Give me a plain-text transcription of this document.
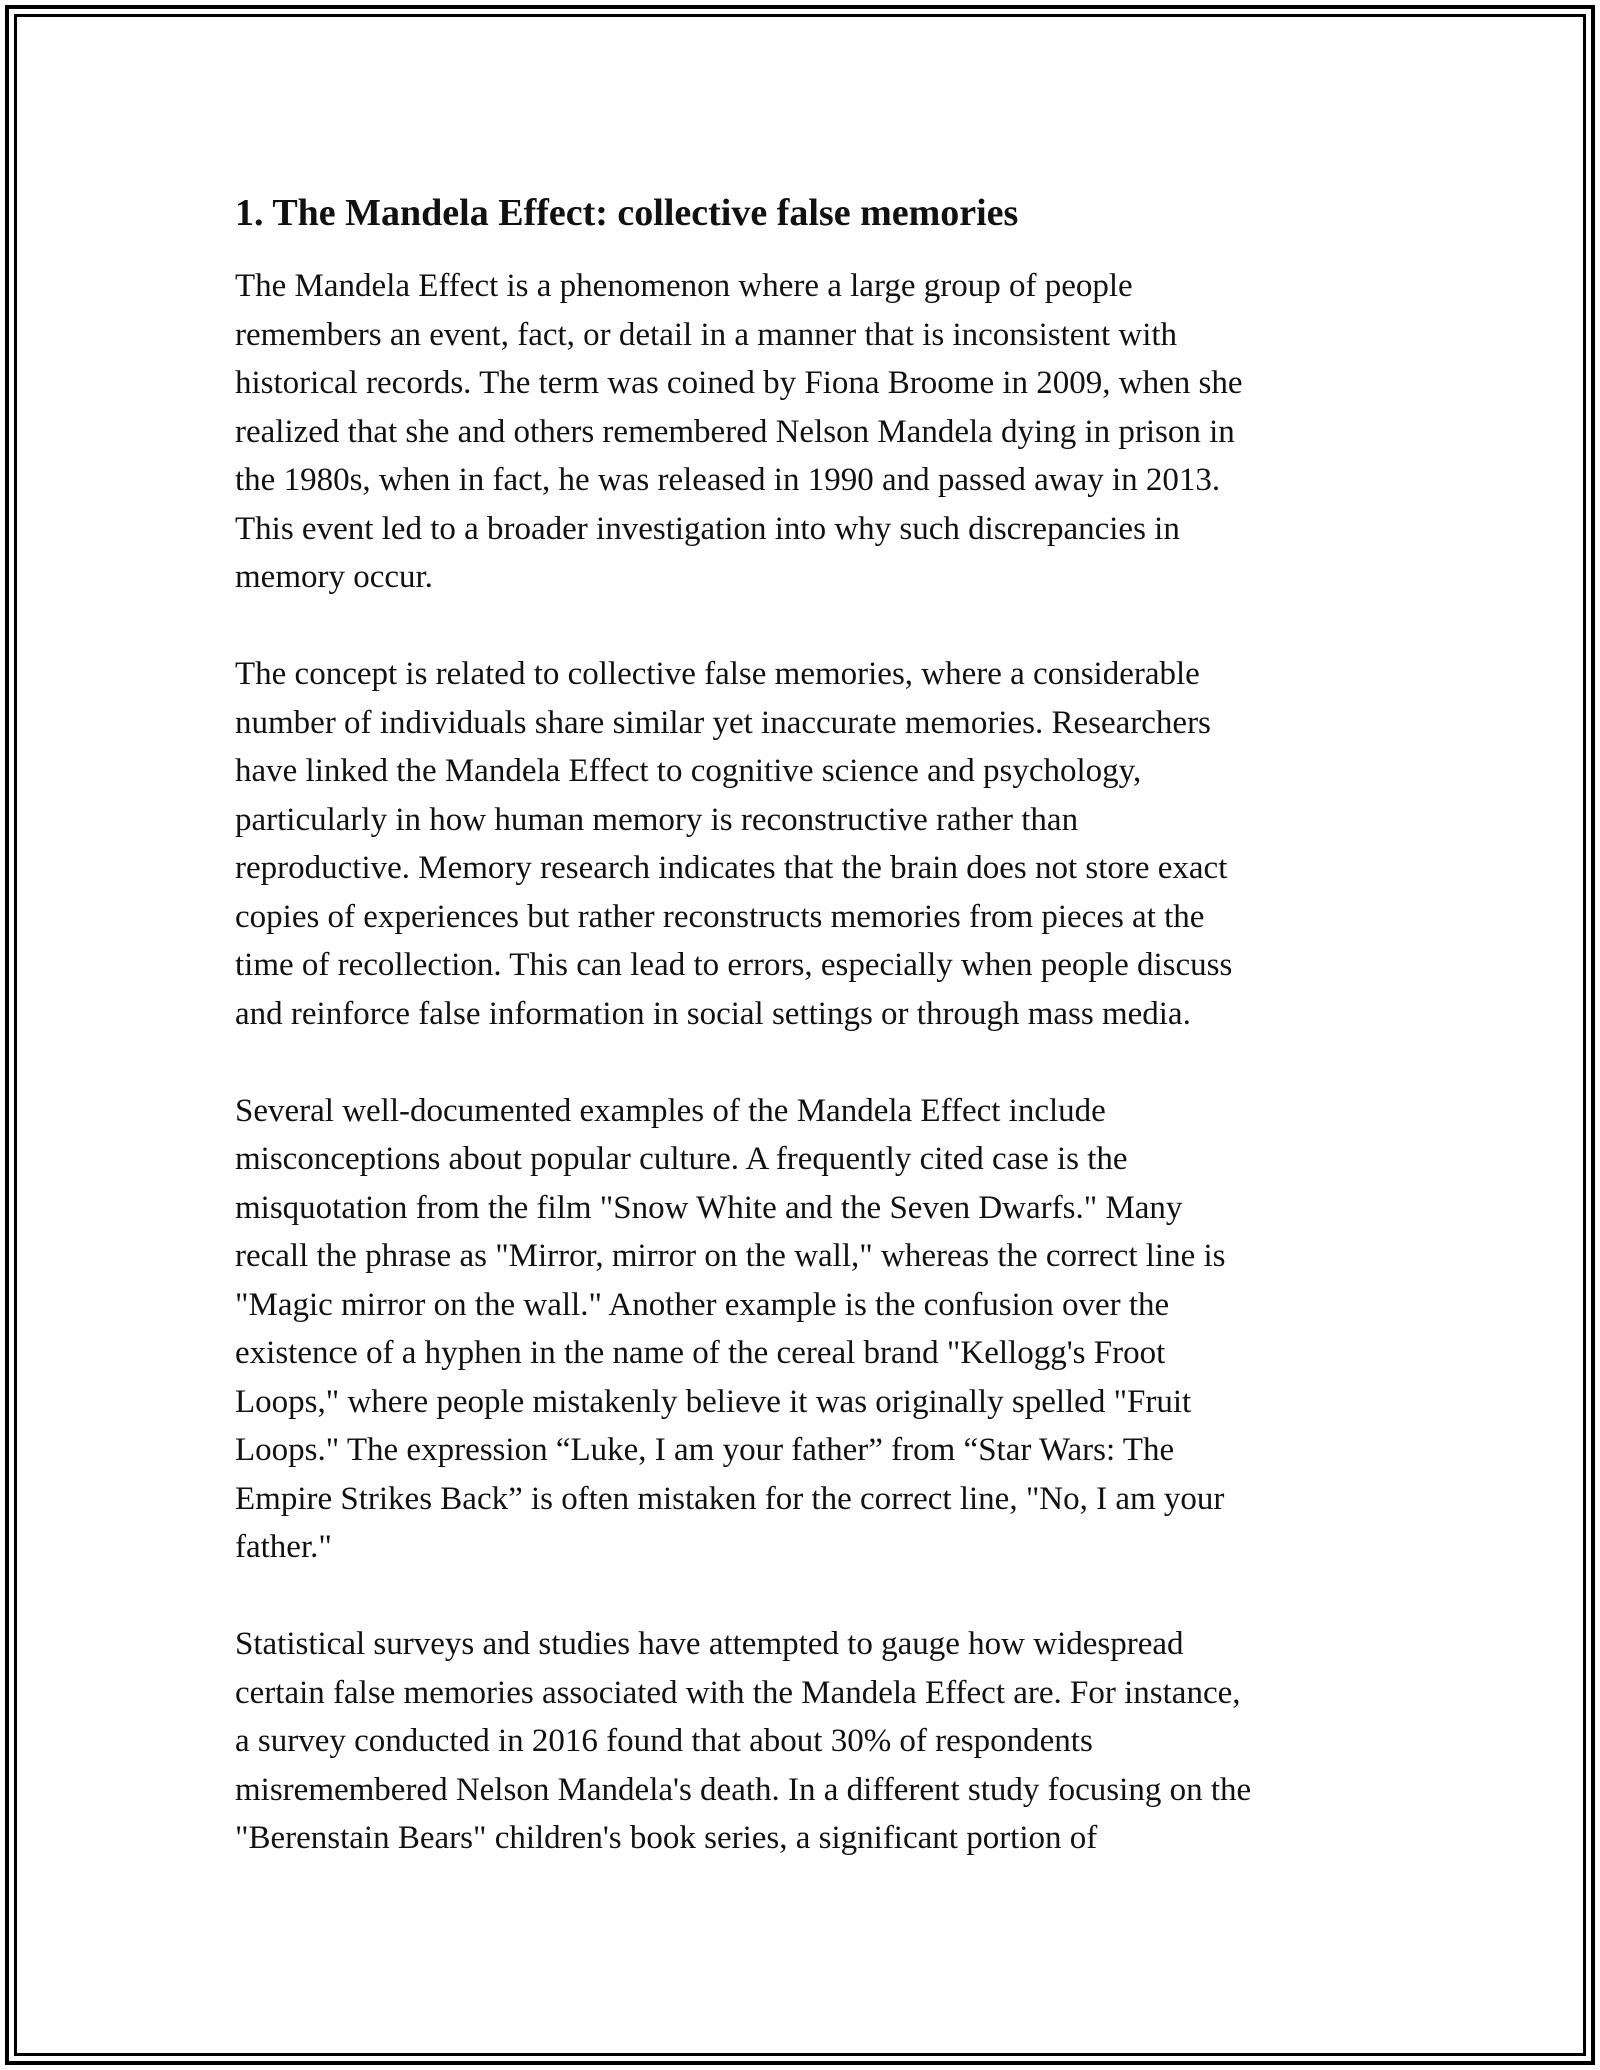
1. The Mandela Effect: collective false memories

The Mandela Effect is a phenomenon where a large group of people
remembers an event, fact, or detail in a manner that is inconsistent with
historical records. The term was coined by Fiona Broome in 2009, when she
realized that she and others remembered Nelson Mandela dying in prison in
the 1980s, when in fact, he was released in 1990 and passed away in 2013.
This event led to a broader investigation into why such discrepancies in
memory occur.

The concept is related to collective false memories, where a considerable
number of individuals share similar yet inaccurate memories. Researchers
have linked the Mandela Effect to cognitive science and psychology,
particularly in how human memory is reconstructive rather than
reproductive. Memory research indicates that the brain does not store exact
copies of experiences but rather reconstructs memories from pieces at the
time of recollection. This can lead to errors, especially when people discuss
and reinforce false information in social settings or through mass media.

Several well-documented examples of the Mandela Effect include
misconceptions about popular culture. A frequently cited case is the
misquotation from the film "Snow White and the Seven Dwarfs." Many
recall the phrase as "Mirror, mirror on the wall," whereas the correct line is
"Magic mirror on the wall." Another example is the confusion over the
existence of a hyphen in the name of the cereal brand "Kellogg's Froot
Loops," where people mistakenly believe it was originally spelled "Fruit
Loops." The expression “Luke, I am your father” from “Star Wars: The
Empire Strikes Back” is often mistaken for the correct line, "No, I am your
father."

Statistical surveys and studies have attempted to gauge how widespread
certain false memories associated with the Mandela Effect are. For instance,
a survey conducted in 2016 found that about 30% of respondents
misremembered Nelson Mandela's death. In a different study focusing on the
"Berenstain Bears" children's book series, a significant portion of
